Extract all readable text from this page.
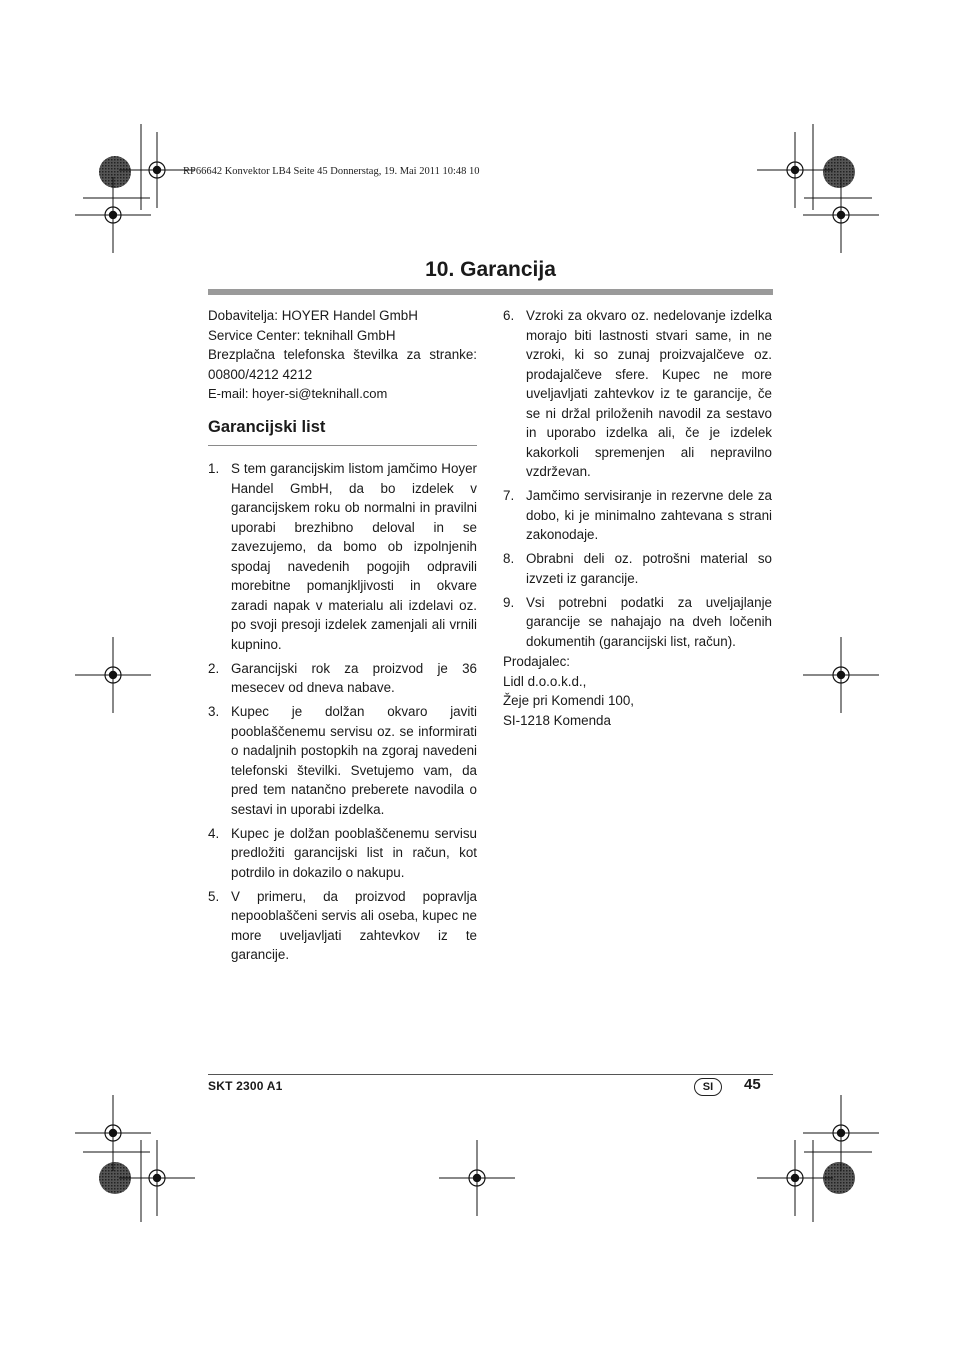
RP66642 Konvektor LB4 Seite 45 Donnerstag, 19. Mai 2011 10:48 10
10. Garancija

Dobaviteljа: HOYER Handel GmbH

Service Center: teknihall GmbH

Brezplačna telefonska številka za stranke:

00800/4212 4212

E-mail: hoyer-si@teknihall.com

Garancijski list
1. S tem garancijskim listom jamčimo Hoyer Handel GmbH, da bo izdelek v garancijskem roku ob normalni in pravilni uporabi brezhibno deloval in se zavezujemo, da bomo ob izpolnjenih spodaj navedenih pogojih odpravili morebitne pomanjkljivosti in okvare zaradi napak v materialu ali izdelavi oz. po svoji presoji izdelek zamenjali ali vrnili kupnino.
2. Garancijski rok za proizvod je 36 mesecev od dneva nabave.
3. Kupec je dolžan okvaro javiti pooblaščenemu servisu oz. se informirati o nadaljnih postopkih na zgoraj navedeni telefonski številki. Svetujemo vam, da pred tem natančno preberete navodila o sestavi in uporabi izdelka.
4. Kupec je dolžan pooblaščenemu servisu predložiti garancijski list in račun, kot potrdilo in dokazilo o nakupu.
5. V primeru, da proizvod popravlja nepooblaščeni servis ali oseba, kupec ne more uveljavljati zahtevkov iz te garancije.
6. Vzroki za okvaro oz. nedelovanje izdelka morajo biti lastnosti stvari same, in ne vzroki, ki so zunaj proizvajalčeve oz. prodajalčeve sfere. Kupec ne more uveljavljati zahtevkov iz te garancije, če se ni držal priloženih navodil za sestavo in uporabo izdelka ali, če je izdelek kakorkoli spremenjen ali nepravilno vzdrževan.
7. Jamčimo servisiranje in rezervne dele za dobo, ki je minimalno zahtevana s strani zakonodaje.
8. Obrabni deli oz. potrošni material so izvzeti iz garancije.
9. Vsi potrebni podatki za uveljajlanje garancije se nahajajo na dveh ločenih dokumentih (garancijski list, račun).

Prodajalec:

Lidl d.o.o.k.d.,

Žeje pri Komendi 100,

SI-1218 Komenda

SKT 2300 A1	SI	45
